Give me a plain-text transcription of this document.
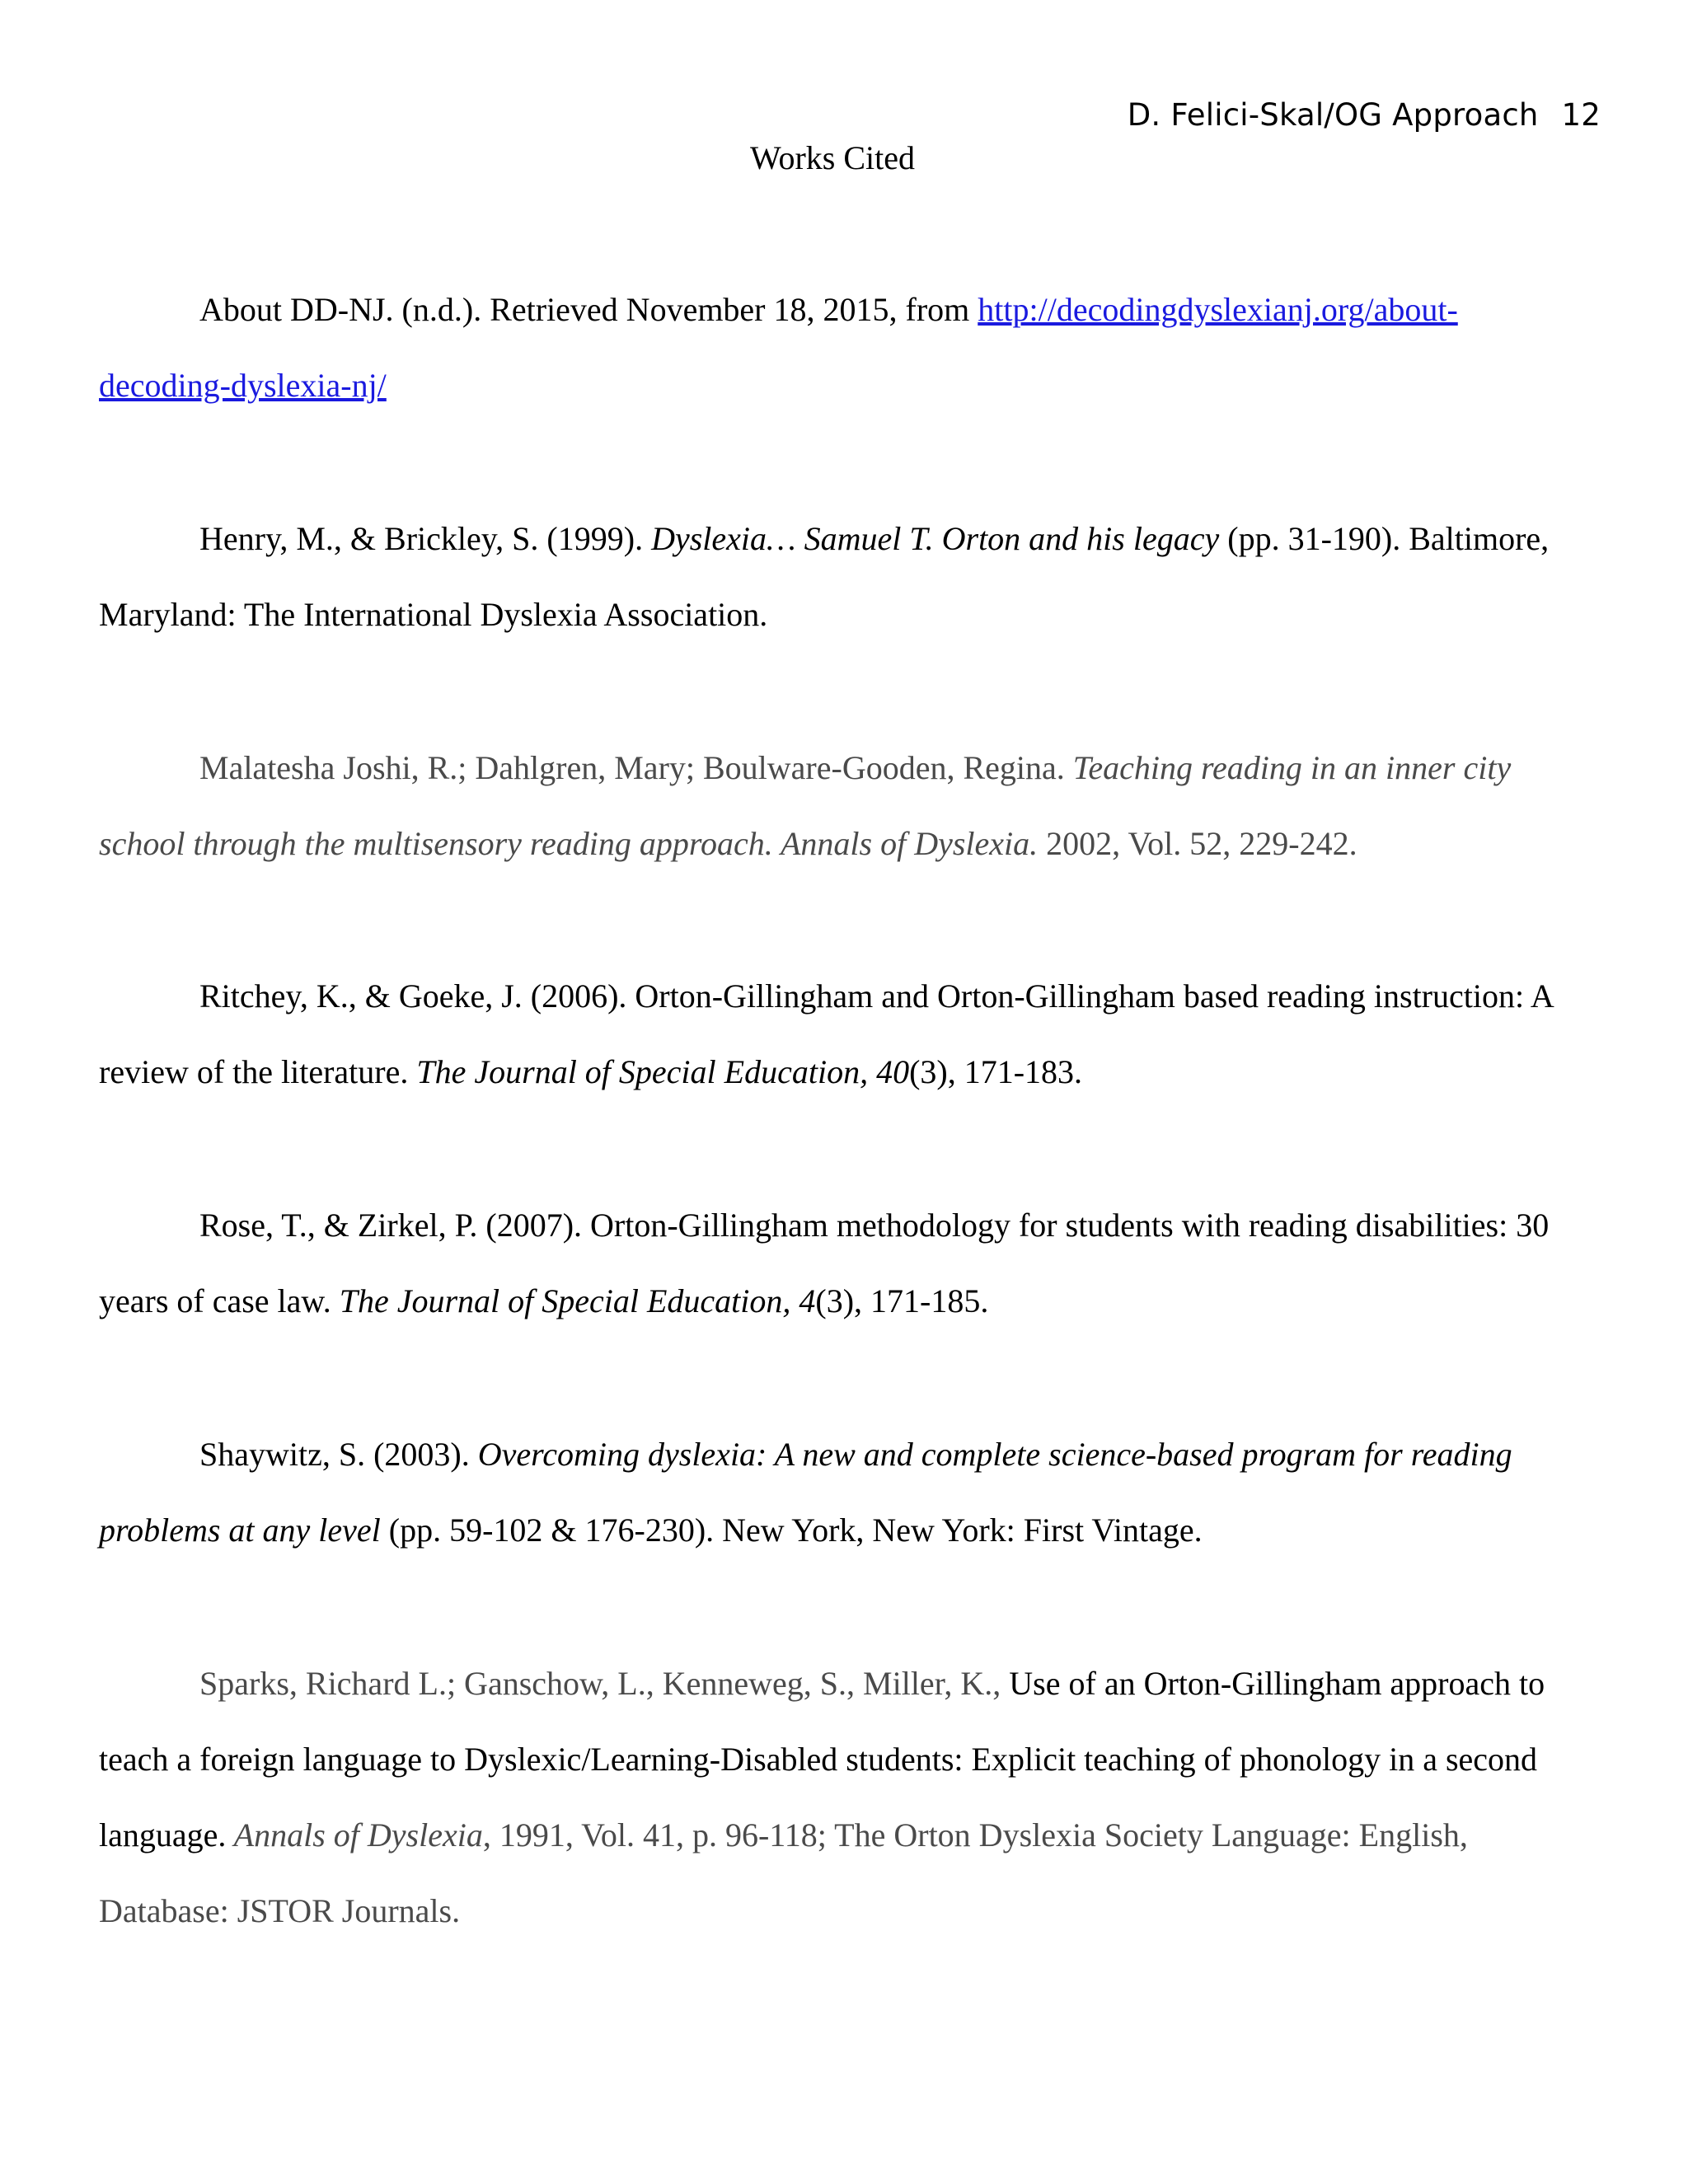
D. Felici-Skal/OG Approach 12
Works Cited

About DD-NJ. (n.d.). Retrieved November 18, 2015, from http://decodingdyslexianj.org/about-decoding-dyslexia-nj/

Henry, M., & Brickley, S. (1999). Dyslexia… Samuel T. Orton and his legacy (pp. 31-190). Baltimore, Maryland: The International Dyslexia Association.

Malatesha Joshi, R.; Dahlgren, Mary; Boulware-Gooden, Regina. Teaching reading in an inner city school through the multisensory reading approach. Annals of Dyslexia. 2002, Vol. 52, 229-242.

Ritchey, K., & Goeke, J. (2006). Orton-Gillingham and Orton-Gillingham based reading instruction: A review of the literature. The Journal of Special Education, 40(3), 171-183.

Rose, T., & Zirkel, P. (2007). Orton-Gillingham methodology for students with reading disabilities: 30 years of case law. The Journal of Special Education, 4(3), 171-185.

Shaywitz, S. (2003). Overcoming dyslexia: A new and complete science-based program for reading problems at any level (pp. 59-102 & 176-230). New York, New York: First Vintage.

Sparks, Richard L.; Ganschow, L., Kenneweg, S., Miller, K., Use of an Orton-Gillingham approach to teach a foreign language to Dyslexic/Learning-Disabled students: Explicit teaching of phonology in a second language. Annals of Dyslexia, 1991, Vol. 41, p. 96-118; The Orton Dyslexia Society Language: English, Database: JSTOR Journals.
